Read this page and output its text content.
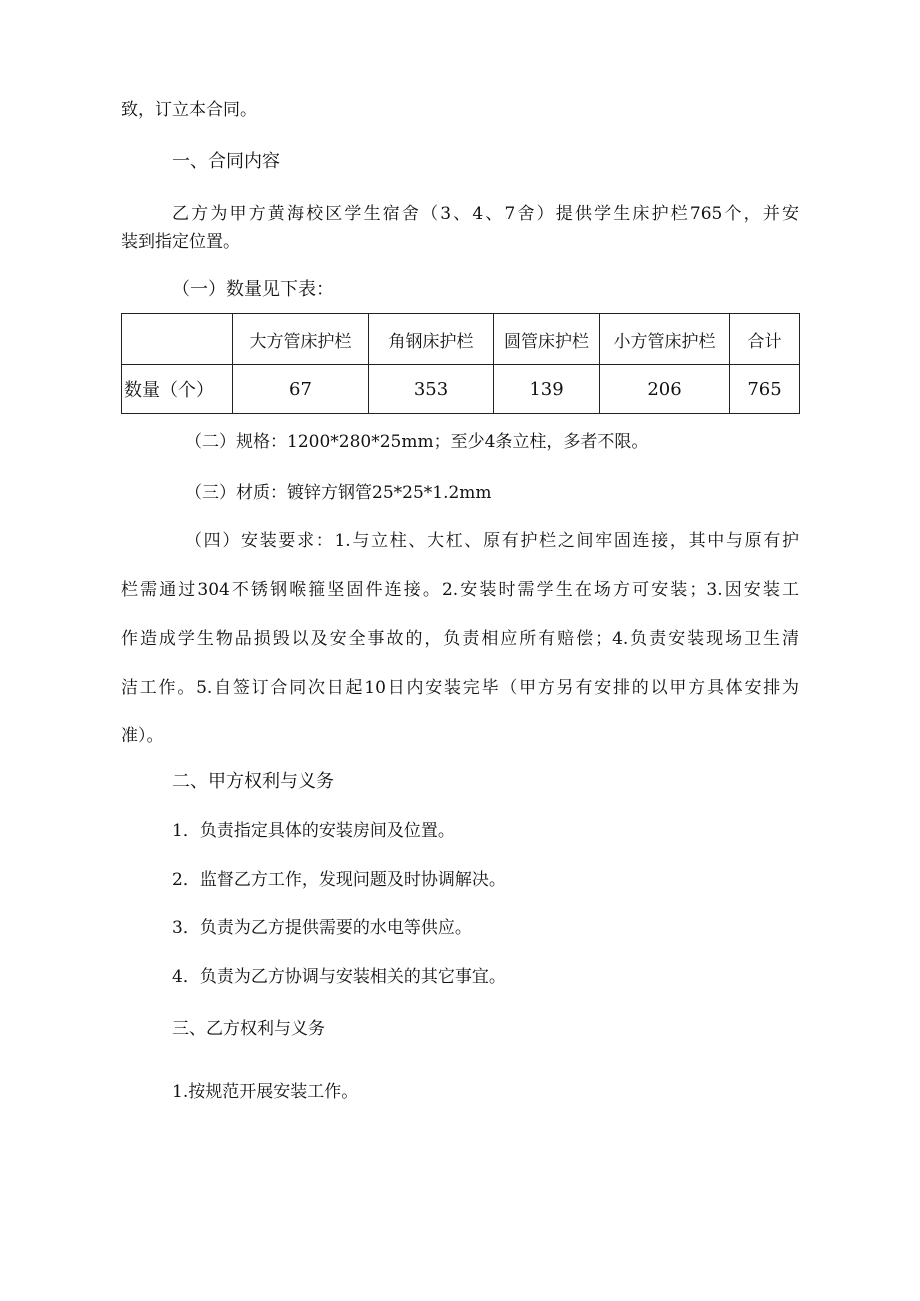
致，订立本合同。
一、合同内容
乙方为甲方黄海校区学生宿舍（3、4、7舍）提供学生床护栏765个，并安
装到指定位置。
（一）数量见下表：
	大方管床护栏	角钢床护栏	圆管床护栏	小方管床护栏	合计
数量（个）	67	353	139	206	765
（二）规格：1200*280*25mm；至少4条立柱，多者不限。
（三）材质：镀锌方钢管25*25*1.2mm
（四）安装要求：1.与立柱、大杠、原有护栏之间牢固连接，其中与原有护
栏需通过304不锈钢喉箍坚固件连接。2.安装时需学生在场方可安装；3.因安装工
作造成学生物品损毁以及安全事故的，负责相应所有赔偿；4.负责安装现场卫生清
洁工作。5.自签订合同次日起10日内安装完毕（甲方另有安排的以甲方具体安排为
准）。
二、甲方权利与义务
1．负责指定具体的安装房间及位置。
2．监督乙方工作，发现问题及时协调解决。
3．负责为乙方提供需要的水电等供应。
4．负责为乙方协调与安装相关的其它事宜。
三、乙方权利与义务
1.按规范开展安装工作。
